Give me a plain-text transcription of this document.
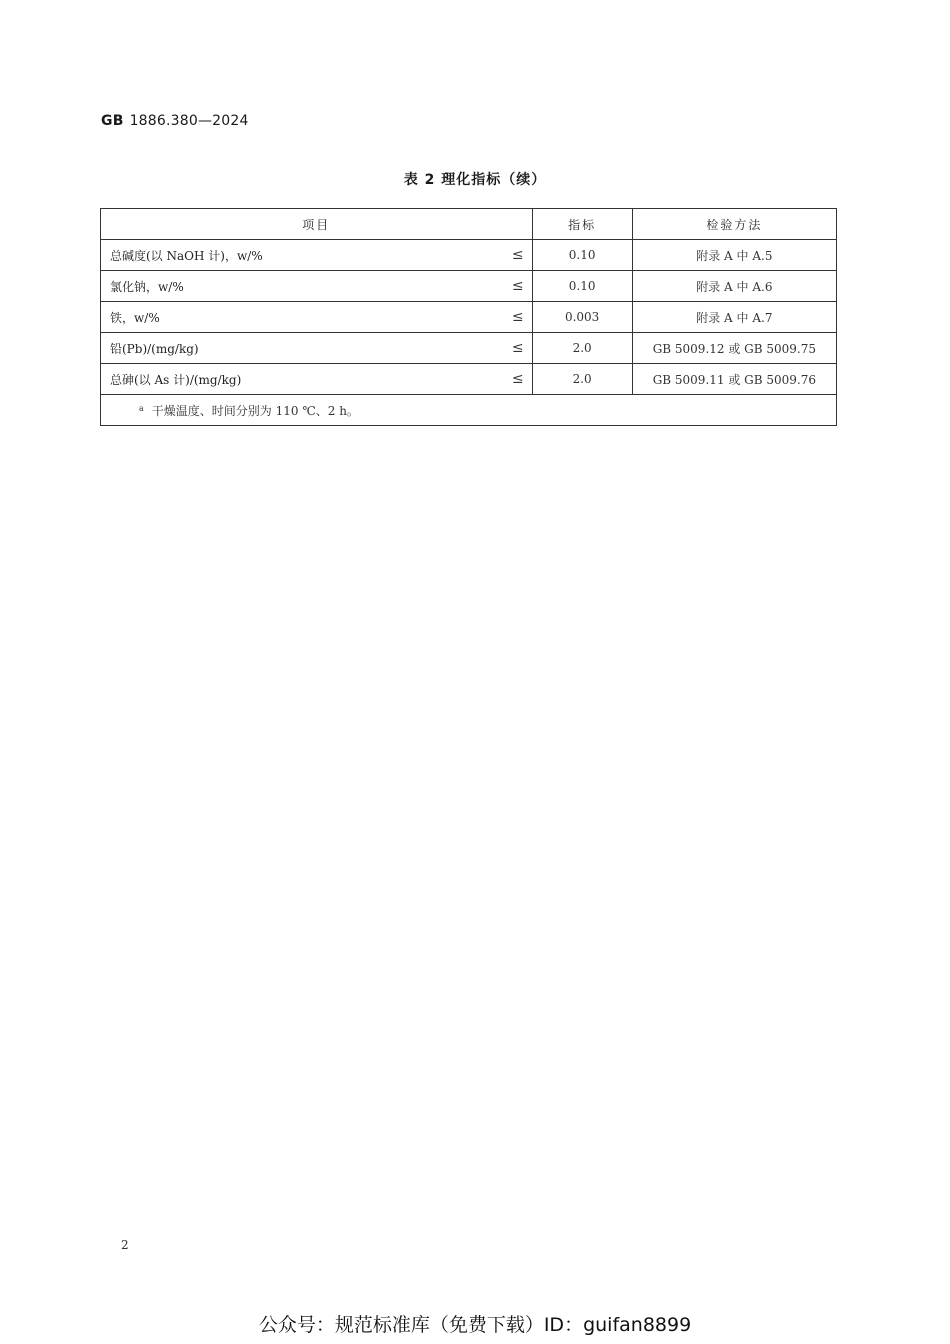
GB 1886.380—2024
表 2 理化指标（续）
项目	指标	检验方法
总碱度(以 NaOH 计)，w/% ≤	0.10	附录 A 中 A.5
氯化钠，w/% ≤	0.10	附录 A 中 A.6
铁，w/% ≤	0.003	附录 A 中 A.7
铅(Pb)/(mg/kg) ≤	2.0	GB 5009.12 或 GB 5009.75
总砷(以 As 计)/(mg/kg) ≤	2.0	GB 5009.11 或 GB 5009.76
$^a$ 干燥温度、时间分别为 110 ℃、2 h。		
2
公众号：规范标准库（免费下载）ID：guifan8899
